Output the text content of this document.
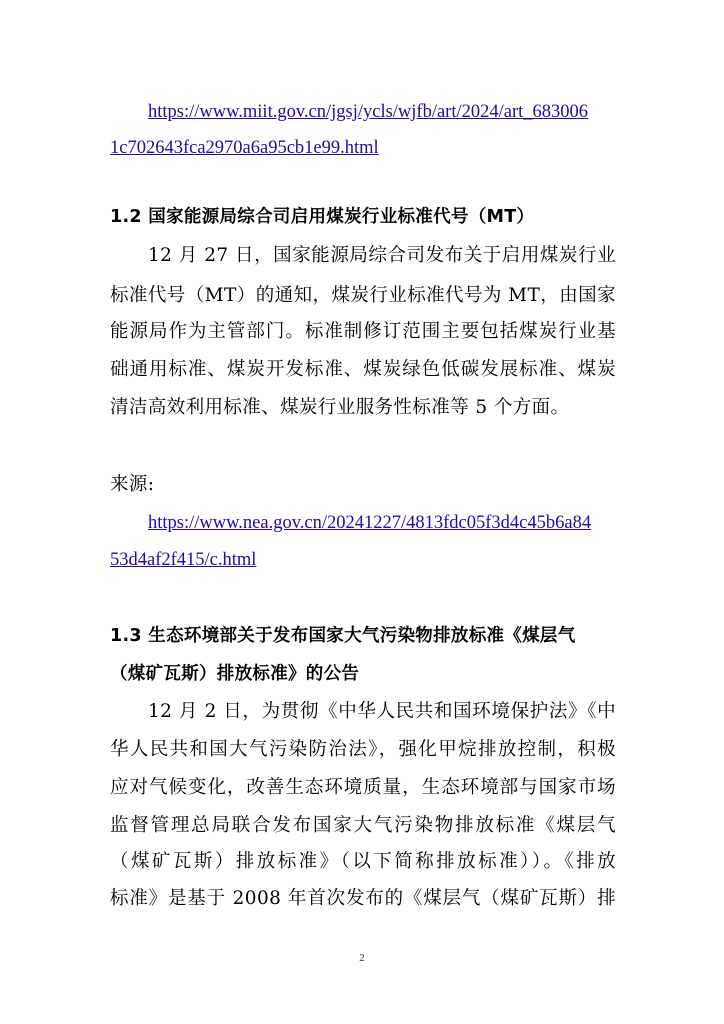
https://www.miit.gov.cn/jgsj/ycls/wjfb/art/2024/art_683006
1c702643fca2970a6a95cb1e99.html
1.2 国家能源局综合司启用煤炭行业标准代号（MT）
12 月 27 日，国家能源局综合司发布关于启用煤炭行业
标准代号（MT）的通知，煤炭行业标准代号为 MT，由国家
能源局作为主管部门。标准制修订范围主要包括煤炭行业基
础通用标准、煤炭开发标准、煤炭绿色低碳发展标准、煤炭
清洁高效利用标准、煤炭行业服务性标准等 5 个方面。
来源:
https://www.nea.gov.cn/20241227/4813fdc05f3d4c45b6a84
53d4af2f415/c.html
1.3 生态环境部关于发布国家大气污染物排放标准《煤层气
（煤矿瓦斯）排放标准》的公告
12 月 2 日，为贯彻《中华人民共和国环境保护法》《中
华人民共和国大气污染防治法》，强化甲烷排放控制，积极
应对气候变化，改善生态环境质量，生态环境部与国家市场
监督管理总局联合发布国家大气污染物排放标准《煤层气
（煤矿瓦斯）排放标准》（以下简称排放标准））。《排放
标准》是基于 2008 年首次发布的《煤层气（煤矿瓦斯）排
2
